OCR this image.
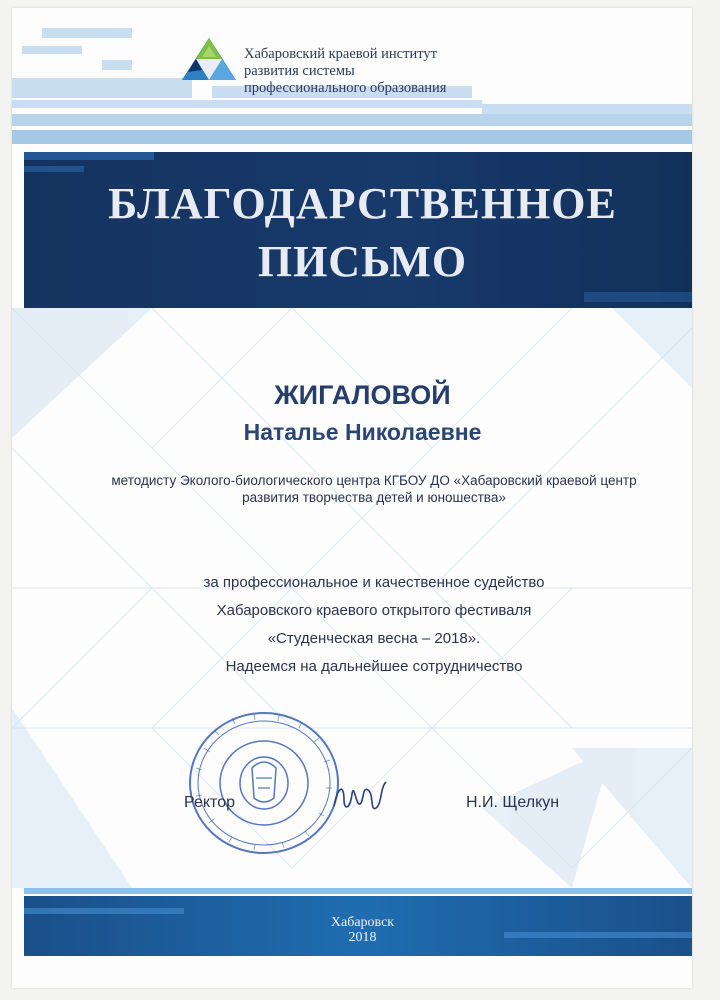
Хабаровский краевой институт
развития системы
профессионального образования
БЛАГОДАРСТВЕННОЕ
ПИСЬМО
ЖИГАЛОВОЙ
Наталье Николаевне
методисту Эколого-биологического центра КГБОУ ДО «Хабаровский краевой центр
развития творчества детей и юношества»
за профессиональное и качественное судейство
Хабаровского краевого открытого фестиваля
«Студенческая весна – 2018».
Надеемся на дальнейшее сотрудничество
Ректор	Н.И. Щелкун
Хабаровск
2018
